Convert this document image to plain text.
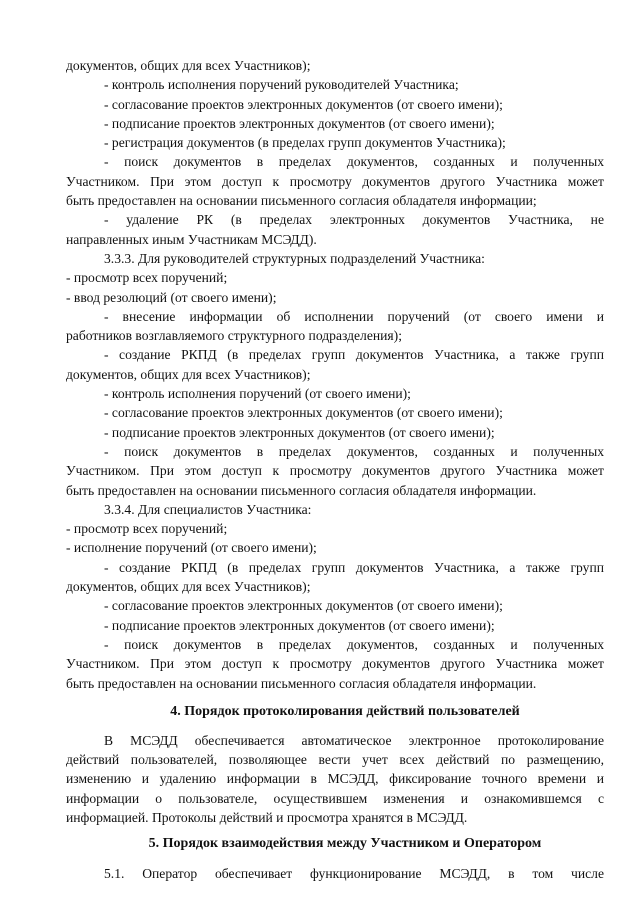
документов, общих для всех Участников);
- контроль исполнения поручений руководителей Участника;
- согласование проектов электронных документов (от своего имени);
- подписание проектов электронных документов (от своего имени);
- регистрация документов (в пределах групп документов Участника);
- поиск документов в пределах документов, созданных и полученных
Участником. При этом доступ к просмотру документов другого Участника может
быть предоставлен на основании письменного согласия обладателя информации;
- удаление РК (в пределах электронных документов Участника, не
направленных иным Участникам МСЭДД).
3.3.3. Для руководителей структурных подразделений Участника:
- просмотр всех поручений;
- ввод резолюций (от своего имени);
- внесение информации об исполнении поручений (от своего имени и
работников возглавляемого структурного подразделения);
- создание РКПД (в пределах групп документов Участника, а также групп
документов, общих для всех Участников);
- контроль исполнения поручений (от своего имени);
- согласование проектов электронных документов (от своего имени);
- подписание проектов электронных документов (от своего имени);
- поиск документов в пределах документов, созданных и полученных
Участником. При этом доступ к просмотру документов другого Участника может
быть предоставлен на основании письменного согласия обладателя информации.
3.3.4. Для специалистов Участника:
- просмотр всех поручений;
- исполнение поручений (от своего имени);
- создание РКПД (в пределах групп документов Участника, а также групп
документов, общих для всех Участников);
- согласование проектов электронных документов (от своего имени);
- подписание проектов электронных документов (от своего имени);
- поиск документов в пределах документов, созданных и полученных
Участником. При этом доступ к просмотру документов другого Участника может
быть предоставлен на основании письменного согласия обладателя информации.
4. Порядок протоколирования действий пользователей
В МСЭДД обеспечивается автоматическое электронное протоколирование
действий пользователей, позволяющее вести учет всех действий по размещению,
изменению и удалению информации в МСЭДД, фиксирование точного времени и
информации о пользователе, осуществившем изменения и ознакомившемся с
информацией. Протоколы действий и просмотра хранятся в МСЭДД.
5. Порядок взаимодействия между Участником и Оператором
5.1. Оператор обеспечивает функционирование МСЭДД, в том числе
